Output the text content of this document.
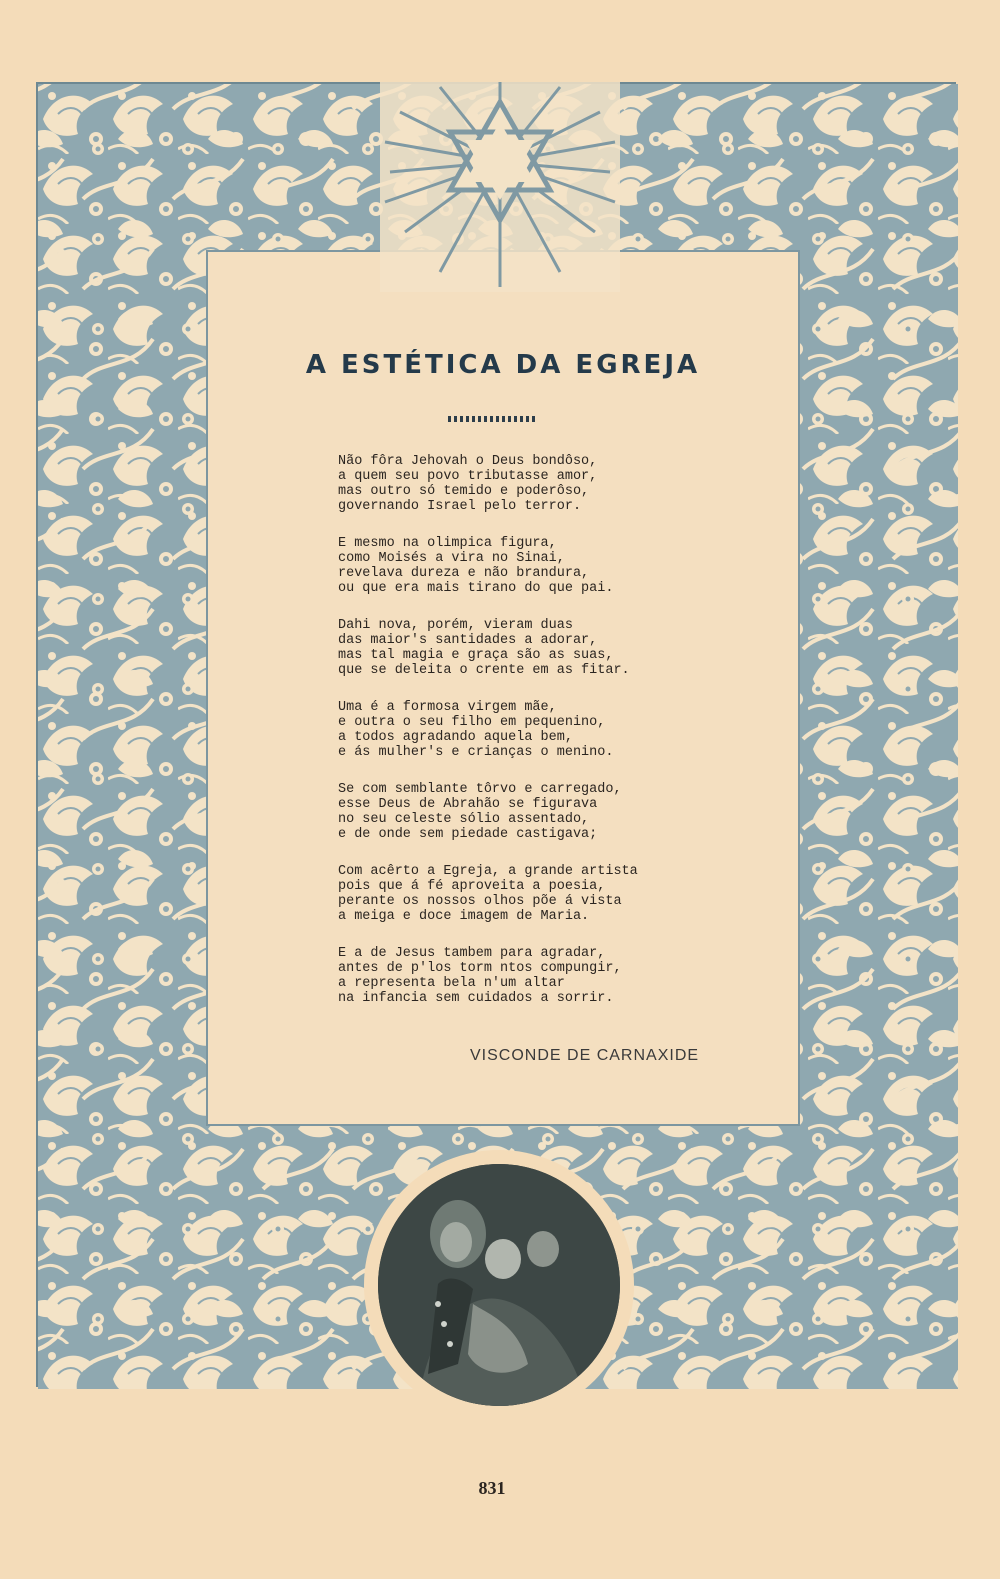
A ESTÉTICA DA EGREJA

Não fôra Jehovah o Deus bondôso,

a quem seu povo tributasse amor,

mas outro só temido e poderôso,

governando Israel pelo terror.

E mesmo na olimpica figura,

como Moisés a vira no Sinai,

revelava dureza e não brandura,

ou que era mais tirano do que pai.

Dahi nova, porém, vieram duas

das maior's santidades a adorar,

mas tal magia e graça são as suas,

que se deleita o crente em as fitar.

Uma é a formosa virgem mãe,

e outra o seu filho em pequenino,

a todos agradando aquela bem,

e ás mulher's e crianças o menino.

Se com semblante tôrvo e carregado,

esse Deus de Abrahão se figurava

no seu celeste sólio assentado,

e de onde sem piedade castigava;

Com acêrto a Egreja, a grande artista

pois que á fé aproveita a poesia,

perante os nossos olhos põe á vista

a meiga e doce imagem de Maria.

E a de Jesus tambem para agradar,

antes de p'los torm ntos compungir,

a representa bela n'um altar

na infancia sem cuidados a sorrir.

VISCONDE DE CARNAXIDE

831
